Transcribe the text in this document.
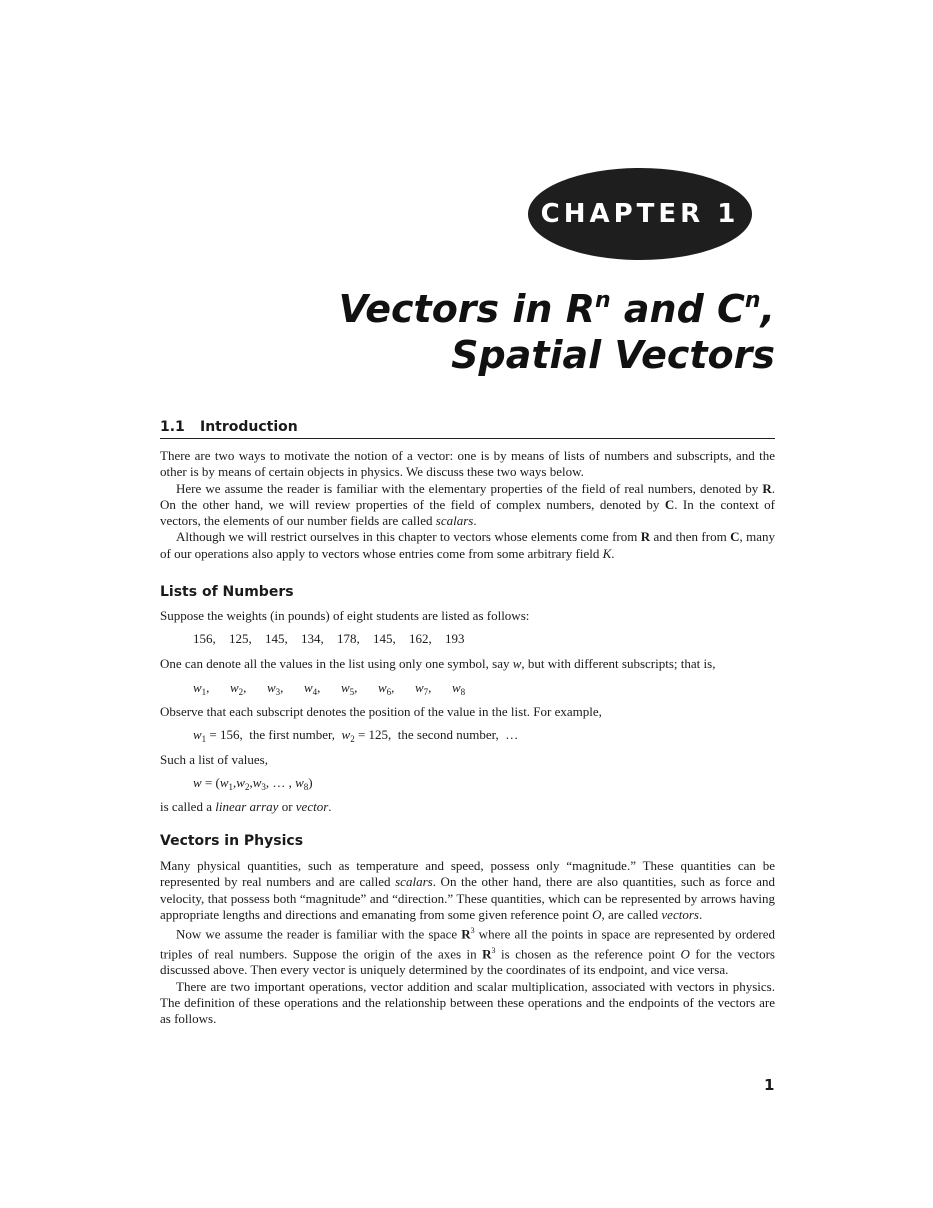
CHAPTER 1
Vectors in $R^n$ and $C^n$,
Spatial Vectors
1.1 Introduction

There are two ways to motivate the notion of a vector: one is by means of lists of numbers and subscripts, and the other is by means of certain objects in physics. We discuss these two ways below.

Here we assume the reader is familiar with the elementary properties of the field of real numbers, denoted by R. On the other hand, we will review properties of the field of complex numbers, denoted by C. In the context of vectors, the elements of our number fields are called scalars.

Although we will restrict ourselves in this chapter to vectors whose elements come from R and then from C, many of our operations also apply to vectors whose entries come from some arbitrary field K.

Lists of Numbers
Suppose the weights (in pounds) of eight students are listed as follows:
156, 125, 145, 134, 178, 145, 162, 193
One can denote all the values in the list using only one symbol, say w, but with different subscripts; that is,
$w_1$, $w_2$, $w_3$, $w_4$, $w_5$, $w_6$, $w_7$, $w_8$
Observe that each subscript denotes the position of the value in the list. For example,
$w_1 = 156$, the first number, $w_2 = 125$, the second number, …
Such a list of values,
$w = (w_1,w_2,w_3$, … , $w_8$)
is called a linear array or vector.
Vectors in Physics

Many physical quantities, such as temperature and speed, possess only “magnitude.” These quantities can be represented by real numbers and are called scalars. On the other hand, there are also quantities, such as force and velocity, that possess both “magnitude” and “direction.” These quantities, which can be represented by arrows having appropriate lengths and directions and emanating from some given reference point O, are called vectors.

Now we assume the reader is familiar with the space $R^3$ where all the points in space are represented by ordered triples of real numbers. Suppose the origin of the axes in $R^3$ is chosen as the reference point O for the vectors discussed above. Then every vector is uniquely determined by the coordinates of its endpoint, and vice versa.

There are two important operations, vector addition and scalar multiplication, associated with vectors in physics. The definition of these operations and the relationship between these operations and the endpoints of the vectors are as follows.

1
